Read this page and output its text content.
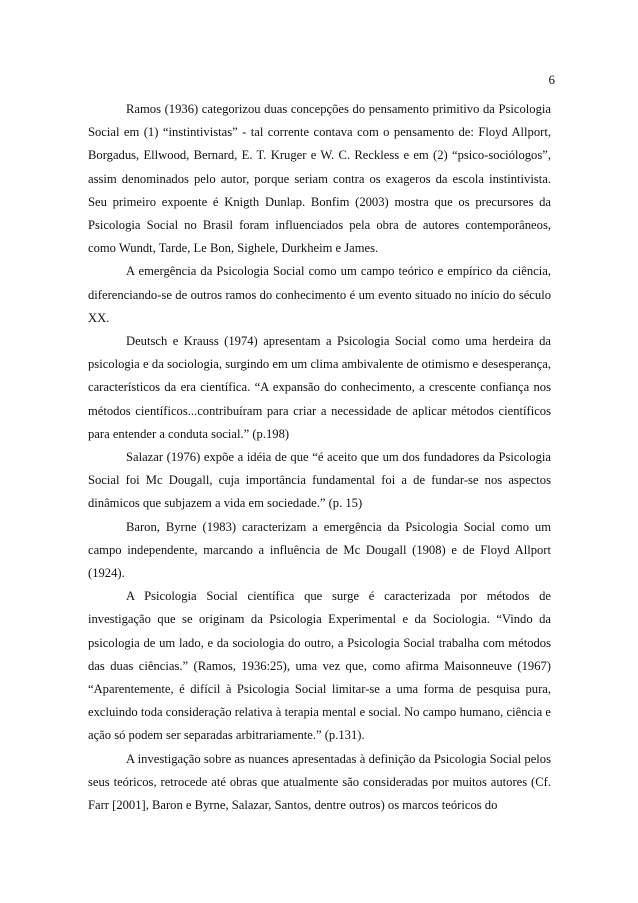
6

Ramos (1936) categorizou duas concepções do pensamento primitivo da Psicologia Social em (1) “instintivistas” - tal corrente contava com o pensamento de: Floyd Allport, Borgadus, Ellwood, Bernard, E. T. Kruger e W. C. Reckless e em (2) “psico-sociólogos”, assim denominados pelo autor, porque seriam contra os exageros da escola instintivista. Seu primeiro expoente é Knigth Dunlap. Bonfim (2003) mostra que os precursores da Psicologia Social no Brasil foram influenciados pela obra de autores contemporâneos, como Wundt, Tarde, Le Bon, Sighele, Durkheim e James.

A emergência da Psicologia Social como um campo teórico e empírico da ciência, diferenciando-se de outros ramos do conhecimento é um evento situado no início do século XX.

Deutsch e Krauss (1974) apresentam a Psicologia Social como uma herdeira da psicologia e da sociologia, surgindo em um clima ambivalente de otimismo e desesperança, característicos da era científica. “A expansão do conhecimento, a crescente confiança nos métodos científicos...contribuíram para criar a necessidade de aplicar métodos científicos para entender a conduta social.” (p.198)

Salazar (1976) expõe a idéia de que “é aceito que um dos fundadores da Psicologia Social foi Mc Dougall, cuja importância fundamental foi a de fundar-se nos aspectos dinâmicos que subjazem a vida em sociedade.” (p. 15)

Baron, Byrne (1983) caracterizam a emergência da Psicologia Social como um campo independente, marcando a influência de Mc Dougall (1908) e de Floyd Allport (1924).

A Psicologia Social científica que surge é caracterizada por métodos de investigação que se originam da Psicologia Experimental e da Sociologia. “Vindo da psicologia de um lado, e da sociologia do outro, a Psicologia Social trabalha com métodos das duas ciências.” (Ramos, 1936:25), uma vez que, como afirma Maisonneuve (1967) “Aparentemente, é difícil à Psicologia Social limitar-se a uma forma de pesquisa pura, excluindo toda consideração relativa à terapia mental e social. No campo humano, ciência e ação só podem ser separadas arbitrariamente.” (p.131).

A investigação sobre as nuances apresentadas à definição da Psicologia Social pelos seus teóricos, retrocede até obras que atualmente são consideradas por muitos autores (Cf. Farr [2001], Baron e Byrne, Salazar, Santos, dentre outros) os marcos teóricos do
